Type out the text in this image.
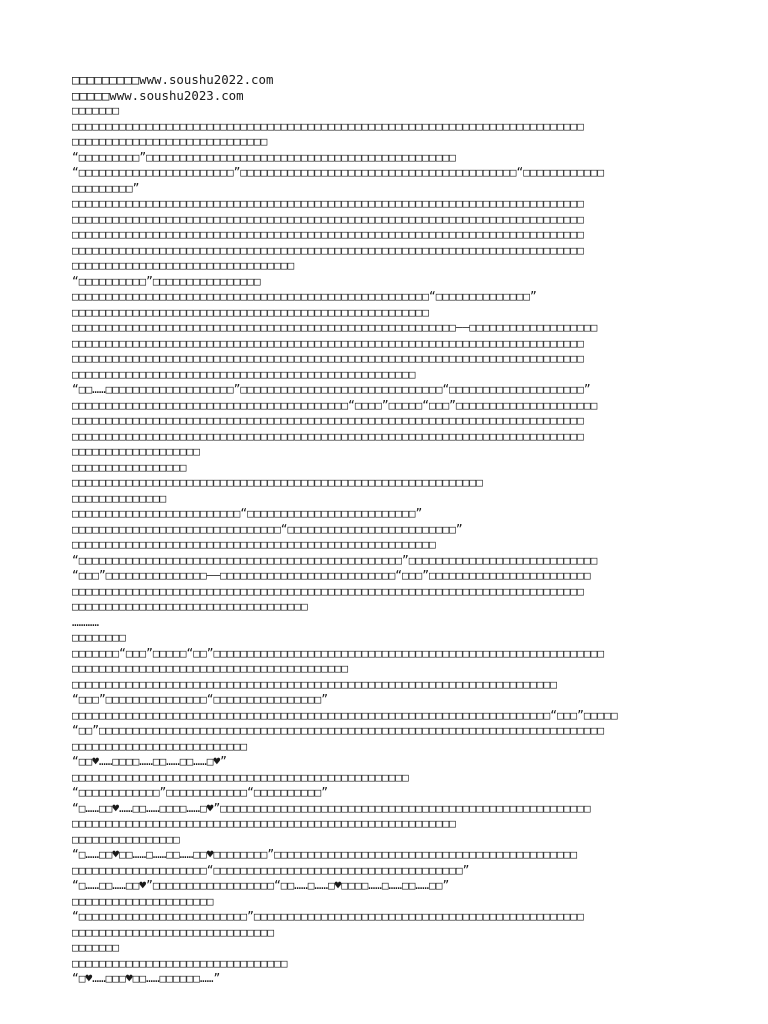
□□□□□□□□□www.soushu2022.com
□□□□□www.soushu2023.com
□□□□□□□
□□□□□□□□□□□□□□□□□□□□□□□□□□□□□□□□□□□□□□□□□□□□□□□□□□□□□□□□□□□□□□□□□□□□□□□□□□□□
□□□□□□□□□□□□□□□□□□□□□□□□□□□□□
“□□□□□□□□□”□□□□□□□□□□□□□□□□□□□□□□□□□□□□□□□□□□□□□□□□□□□□□□
“□□□□□□□□□□□□□□□□□□□□□□□”□□□□□□□□□□□□□□□□□□□□□□□□□□□□□□□□□□□□□□□□□“□□□□□□□□□□□□
□□□□□□□□□”
□□□□□□□□□□□□□□□□□□□□□□□□□□□□□□□□□□□□□□□□□□□□□□□□□□□□□□□□□□□□□□□□□□□□□□□□□□□□
□□□□□□□□□□□□□□□□□□□□□□□□□□□□□□□□□□□□□□□□□□□□□□□□□□□□□□□□□□□□□□□□□□□□□□□□□□□□
□□□□□□□□□□□□□□□□□□□□□□□□□□□□□□□□□□□□□□□□□□□□□□□□□□□□□□□□□□□□□□□□□□□□□□□□□□□□
□□□□□□□□□□□□□□□□□□□□□□□□□□□□□□□□□□□□□□□□□□□□□□□□□□□□□□□□□□□□□□□□□□□□□□□□□□□□
□□□□□□□□□□□□□□□□□□□□□□□□□□□□□□□□□
“□□□□□□□□□□”□□□□□□□□□□□□□□□□
□□□□□□□□□□□□□□□□□□□□□□□□□□□□□□□□□□□□□□□□□□□□□□□□□□□□□“□□□□□□□□□□□□□□”
□□□□□□□□□□□□□□□□□□□□□□□□□□□□□□□□□□□□□□□□□□□□□□□□□□□□□
□□□□□□□□□□□□□□□□□□□□□□□□□□□□□□□□□□□□□□□□□□□□□□□□□□□□□□□□□——□□□□□□□□□□□□□□□□□□□
□□□□□□□□□□□□□□□□□□□□□□□□□□□□□□□□□□□□□□□□□□□□□□□□□□□□□□□□□□□□□□□□□□□□□□□□□□□□
□□□□□□□□□□□□□□□□□□□□□□□□□□□□□□□□□□□□□□□□□□□□□□□□□□□□□□□□□□□□□□□□□□□□□□□□□□□□
□□□□□□□□□□□□□□□□□□□□□□□□□□□□□□□□□□□□□□□□□□□□□□□□□□□
“□□……□□□□□□□□□□□□□□□□□□□”□□□□□□□□□□□□□□□□□□□□□□□□□□□□□□“□□□□□□□□□□□□□□□□□□□□”
□□□□□□□□□□□□□□□□□□□□□□□□□□□□□□□□□□□□□□□□□“□□□□”□□□□□“□□□”□□□□□□□□□□□□□□□□□□□□□
□□□□□□□□□□□□□□□□□□□□□□□□□□□□□□□□□□□□□□□□□□□□□□□□□□□□□□□□□□□□□□□□□□□□□□□□□□□□
□□□□□□□□□□□□□□□□□□□□□□□□□□□□□□□□□□□□□□□□□□□□□□□□□□□□□□□□□□□□□□□□□□□□□□□□□□□□
□□□□□□□□□□□□□□□□□□□
□□□□□□□□□□□□□□□□□
□□□□□□□□□□□□□□□□□□□□□□□□□□□□□□□□□□□□□□□□□□□□□□□□□□□□□□□□□□□□□
□□□□□□□□□□□□□□
□□□□□□□□□□□□□□□□□□□□□□□□□“□□□□□□□□□□□□□□□□□□□□□□□□□”
□□□□□□□□□□□□□□□□□□□□□□□□□□□□□□□“□□□□□□□□□□□□□□□□□□□□□□□□□”
□□□□□□□□□□□□□□□□□□□□□□□□□□□□□□□□□□□□□□□□□□□□□□□□□□□□□□
“□□□□□□□□□□□□□□□□□□□□□□□□□□□□□□□□□□□□□□□□□□□□□□□□”□□□□□□□□□□□□□□□□□□□□□□□□□□□□
“□□□”□□□□□□□□□□□□□□□——□□□□□□□□□□□□□□□□□□□□□□□□□□“□□□”□□□□□□□□□□□□□□□□□□□□□□□□
□□□□□□□□□□□□□□□□□□□□□□□□□□□□□□□□□□□□□□□□□□□□□□□□□□□□□□□□□□□□□□□□□□□□□□□□□□□□
□□□□□□□□□□□□□□□□□□□□□□□□□□□□□□□□□□□
…………
□□□□□□□□
□□□□□□□“□□□”□□□□□“□□”□□□□□□□□□□□□□□□□□□□□□□□□□□□□□□□□□□□□□□□□□□□□□□□□□□□□□□□□□□
□□□□□□□□□□□□□□□□□□□□□□□□□□□□□□□□□□□□□□□□□
□□□□□□□□□□□□□□□□□□□□□□□□□□□□□□□□□□□□□□□□□□□□□□□□□□□□□□□□□□□□□□□□□□□□□□□□
“□□□”□□□□□□□□□□□□□□□“□□□□□□□□□□□□□□□□”
□□□□□□□□□□□□□□□□□□□□□□□□□□□□□□□□□□□□□□□□□□□□□□□□□□□□□□□□□□□□□□□□□□□□□□□“□□□”□□□□□
“□□”□□□□□□□□□□□□□□□□□□□□□□□□□□□□□□□□□□□□□□□□□□□□□□□□□□□□□□□□□□□□□□□□□□□□□□□□□□□
□□□□□□□□□□□□□□□□□□□□□□□□□□
“□□♥……□□□□……□□……□□……□♥”
□□□□□□□□□□□□□□□□□□□□□□□□□□□□□□□□□□□□□□□□□□□□□□□□□□
“□□□□□□□□□□□□”□□□□□□□□□□□□“□□□□□□□□□□”
“□……□□♥……□□……□□□□……□♥”□□□□□□□□□□□□□□□□□□□□□□□□□□□□□□□□□□□□□□□□□□□□□□□□□□□□□□□
□□□□□□□□□□□□□□□□□□□□□□□□□□□□□□□□□□□□□□□□□□□□□□□□□□□□□□□□□
□□□□□□□□□□□□□□□□
“□……□□♥□□……□……□□……□□♥□□□□□□□□”□□□□□□□□□□□□□□□□□□□□□□□□□□□□□□□□□□□□□□□□□□□□□
□□□□□□□□□□□□□□□□□□□□“□□□□□□□□□□□□□□□□□□□□□□□□□□□□□□□□□□□□□”
“□……□□……□□♥”□□□□□□□□□□□□□□□□□□“□□……□……□♥□□□□……□……□□……□□”
□□□□□□□□□□□□□□□□□□□□□
“□□□□□□□□□□□□□□□□□□□□□□□□□”□□□□□□□□□□□□□□□□□□□□□□□□□□□□□□□□□□□□□□□□□□□□□□□□□
□□□□□□□□□□□□□□□□□□□□□□□□□□□□□□
□□□□□□□
□□□□□□□□□□□□□□□□□□□□□□□□□□□□□□□□
“□♥……□□□♥□□……□□□□□□……”
